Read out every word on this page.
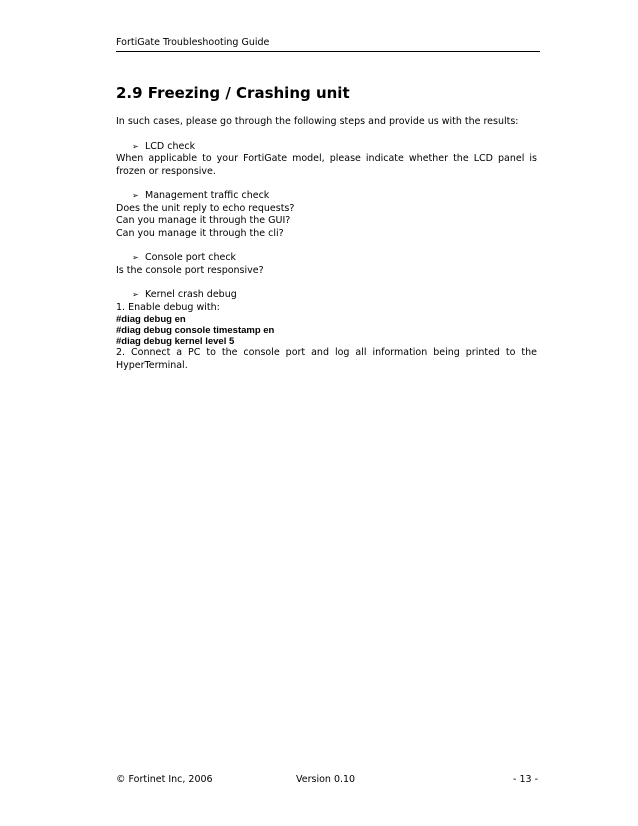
FortiGate Troubleshooting Guide
2.9 Freezing / Crashing unit

In such cases, please go through the following steps and provide us with the results:

➢ LCD check

When applicable to your FortiGate model, please indicate whether the LCD panel is frozen or responsive.

➢ Management traffic check

Does the unit reply to echo requests?

Can you manage it through the GUI?

Can you manage it through the cli?

➢ Console port check

Is the console port responsive?

➢ Kernel crash debug

1. Enable debug with:

#diag debug en

#diag debug console timestamp en

#diag debug kernel level 5

2. Connect a PC to the console port and log all information being printed to the HyperTerminal.

© Fortinet Inc, 2006	Version 0.10	- 13 -
